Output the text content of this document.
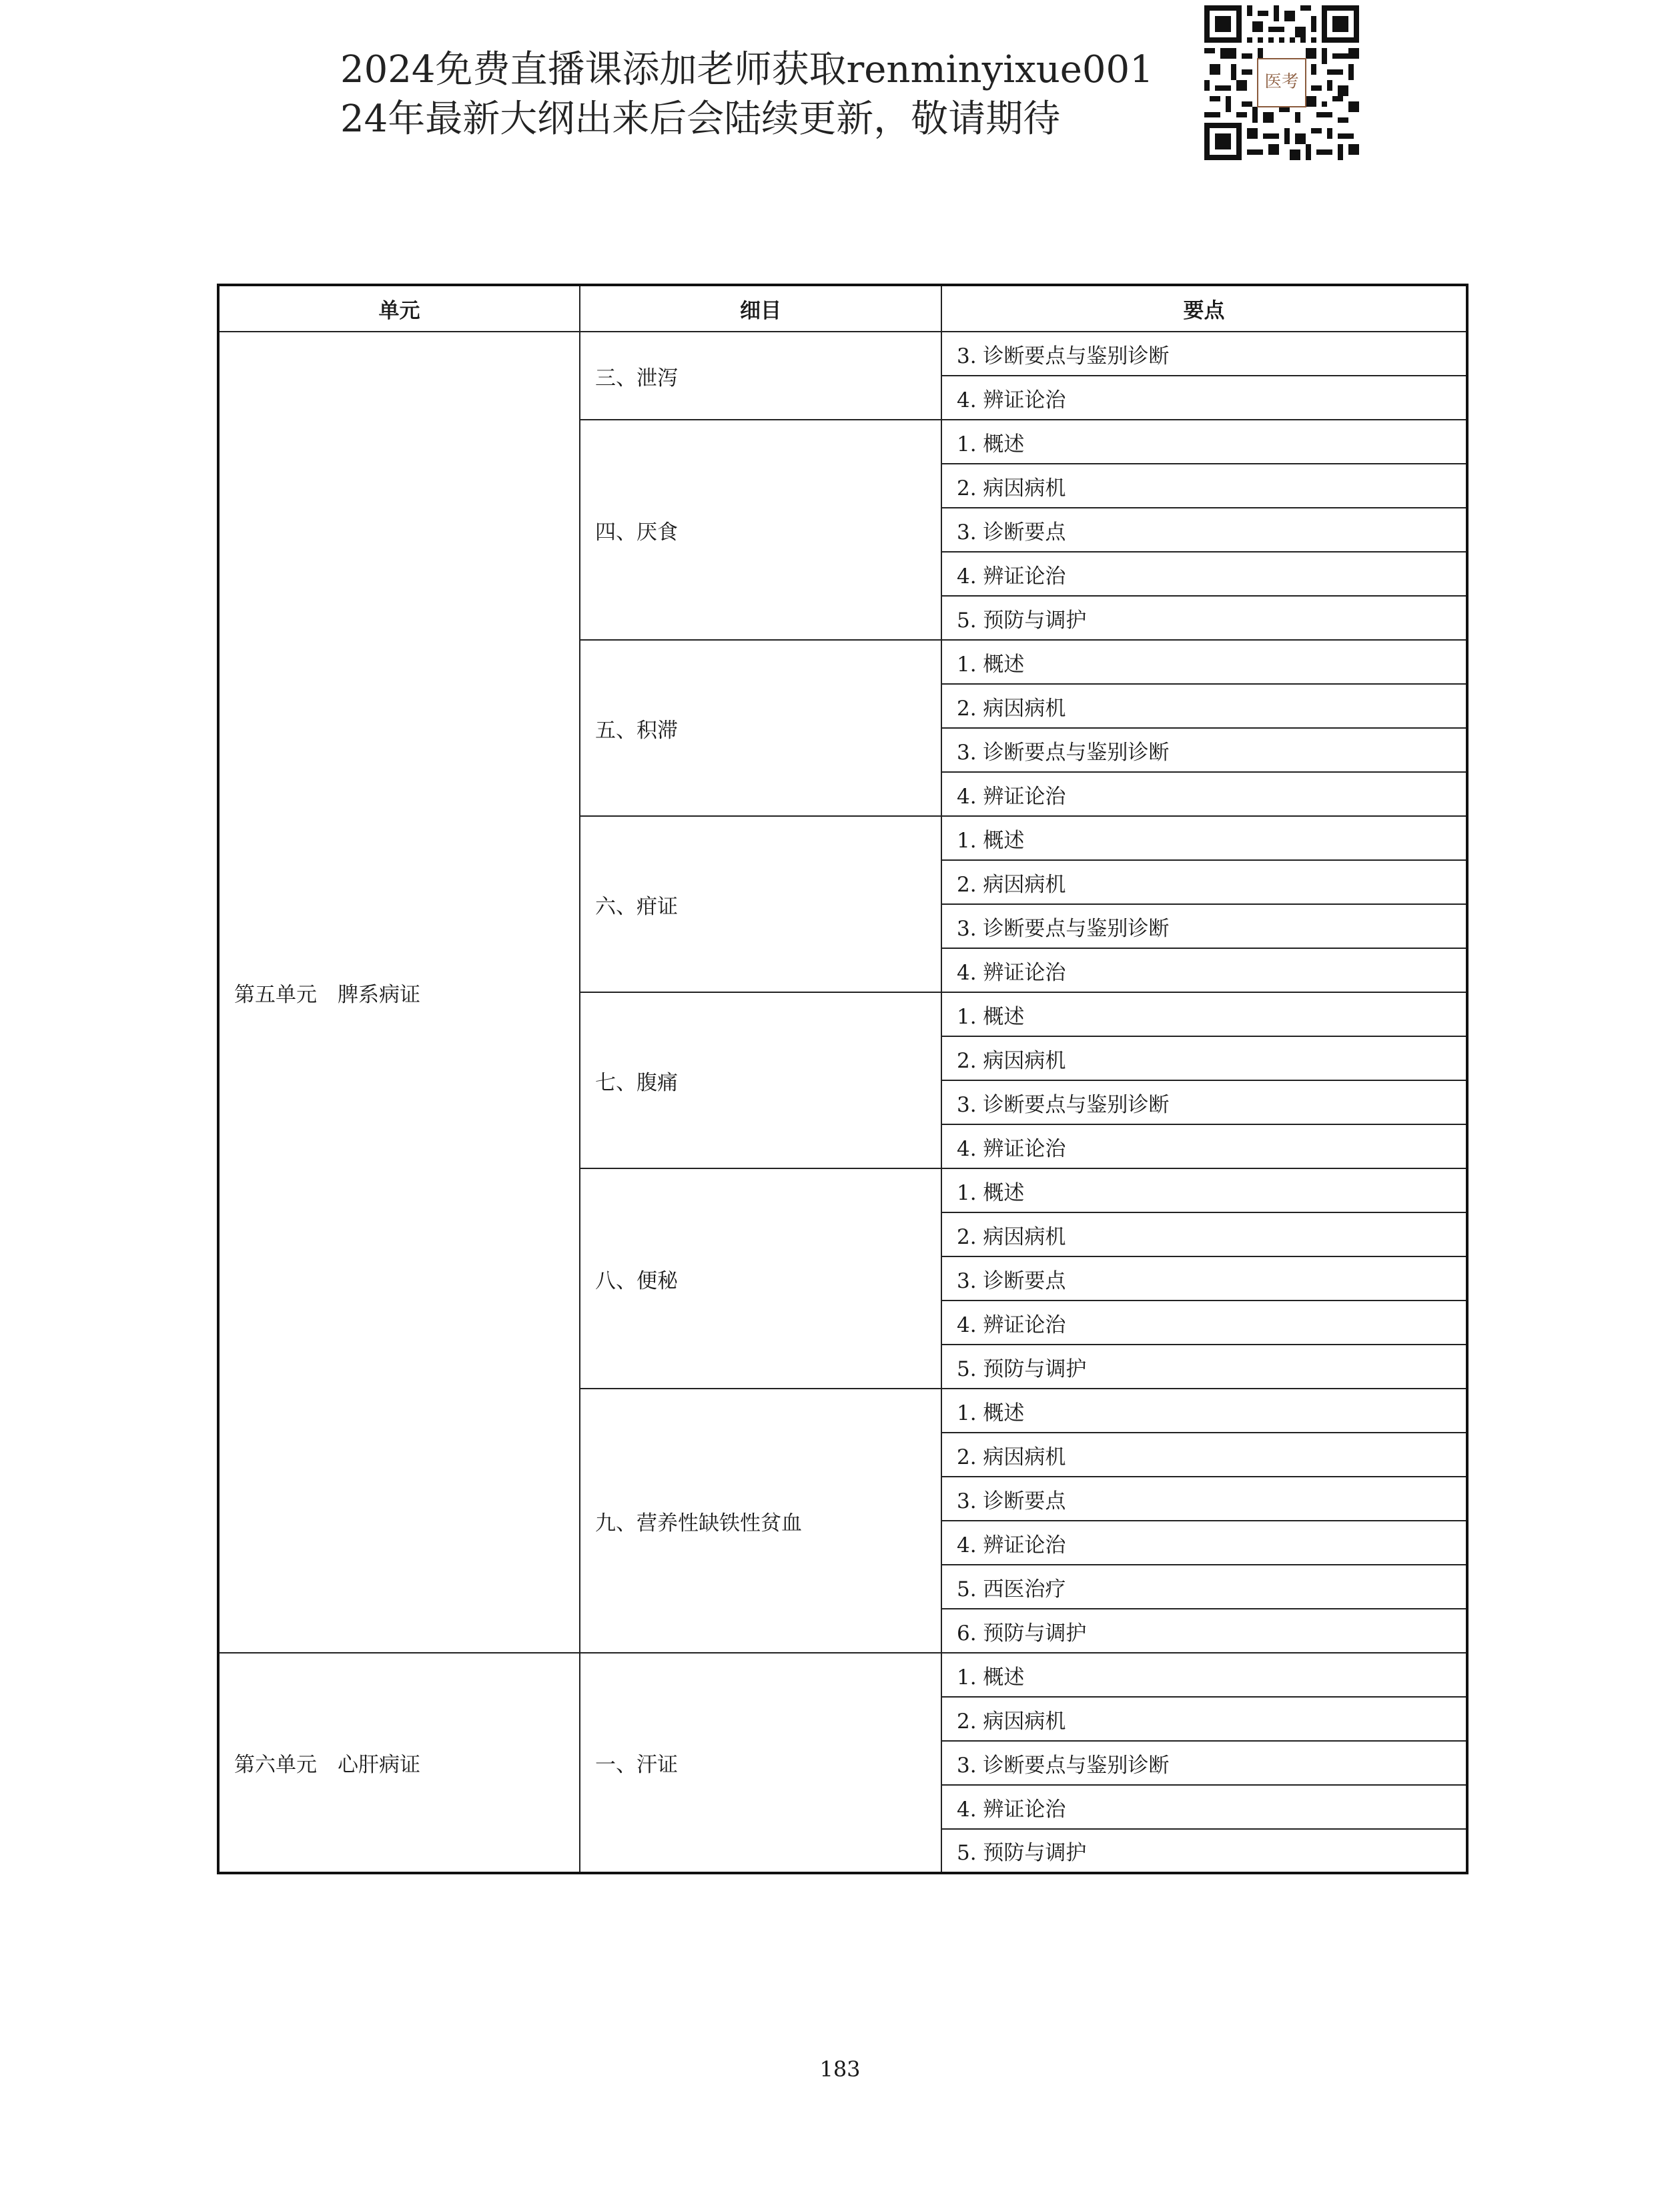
2024免费直播课添加老师获取renminyixue001
24年最新大纲出来后会陆续更新，敬请期待
医考
单元	细目	要点
第五单元　脾系病证	三、泄泻	3. 诊断要点与鉴别诊断
		4. 辨证论治
	四、厌食	1. 概述
		2. 病因病机
		3. 诊断要点
		4. 辨证论治
		5. 预防与调护
	五、积滞	1. 概述
		2. 病因病机
		3. 诊断要点与鉴别诊断
		4. 辨证论治
	六、疳证	1. 概述
		2. 病因病机
		3. 诊断要点与鉴别诊断
		4. 辨证论治
	七、腹痛	1. 概述
		2. 病因病机
		3. 诊断要点与鉴别诊断
		4. 辨证论治
	八、便秘	1. 概述
		2. 病因病机
		3. 诊断要点
		4. 辨证论治
		5. 预防与调护
	九、营养性缺铁性贫血	1. 概述
		2. 病因病机
		3. 诊断要点
		4. 辨证论治
		5. 西医治疗
		6. 预防与调护
第六单元　心肝病证	一、汗证	1. 概述
		2. 病因病机
		3. 诊断要点与鉴别诊断
		4. 辨证论治
		5. 预防与调护
183
